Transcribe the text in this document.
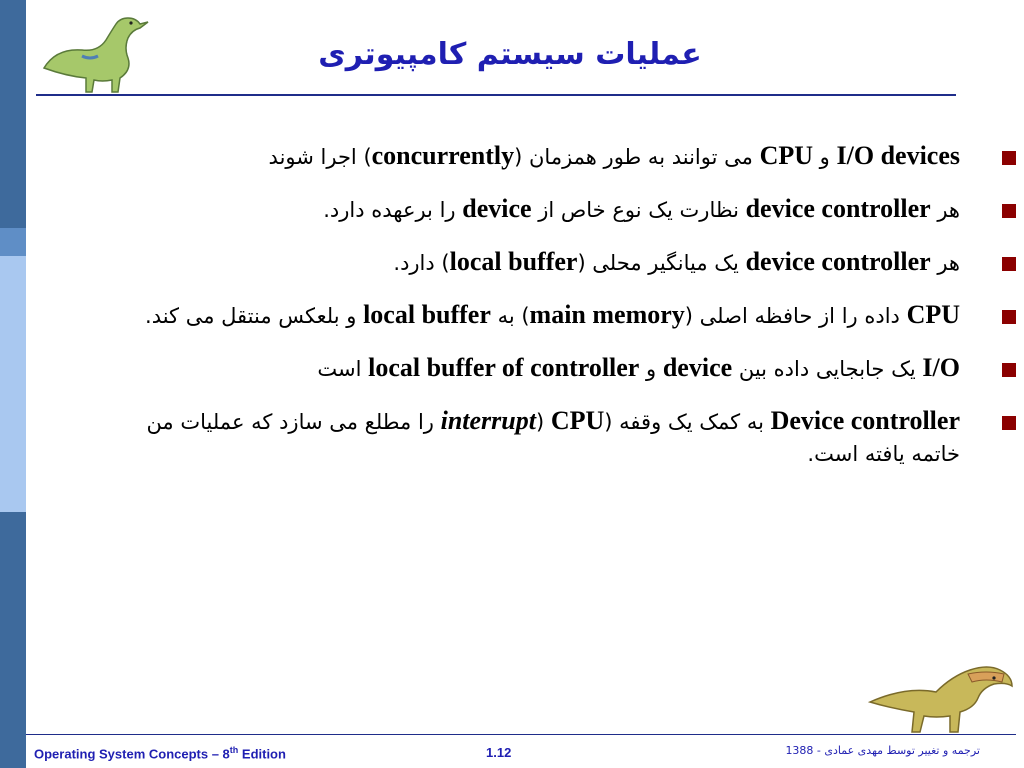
عملیات سیستم کامپیوتری
I/O devices و CPU می توانند به طور همزمان (concurrently) اجرا شوند
هر device controller نظارت یک نوع خاص از device را برعهده دارد.
هر device controller یک میانگیر محلی (local buffer) دارد.
CPU داده را از حافظه اصلی (main memory) به local buffer و بلعکس منتقل می کند.
I/O یک جابجایی داده بین device و local buffer of controller است
Device controller به کمک یک وقفه (interrupt) CPU را مطلع می سازد که عملیات من خاتمه یافته است.
Operating System Concepts – 8th Edition	1.12	ترجمه و تغییر توسط مهدی عمادی - 1388
